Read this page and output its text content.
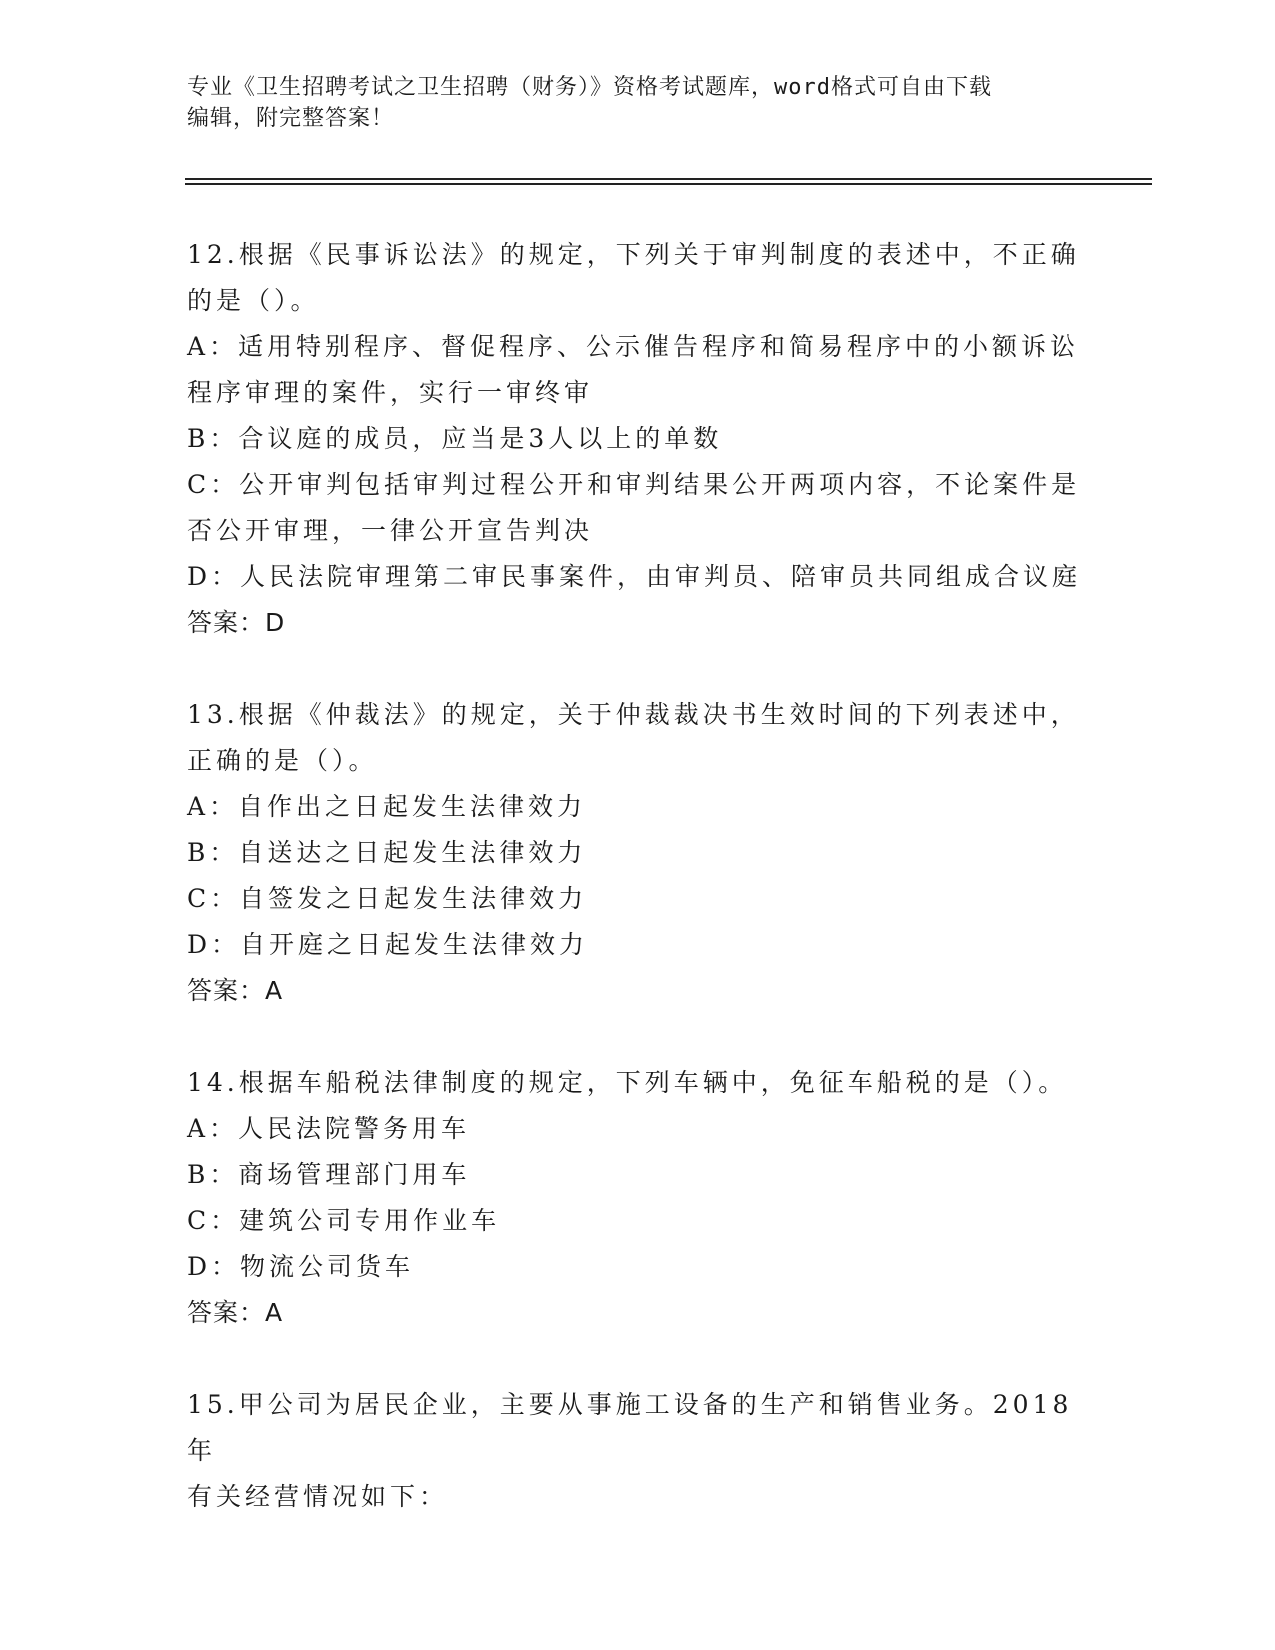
专业《卫生招聘考试之卫生招聘（财务）》资格考试题库，word格式可自由下载
编辑，附完整答案！

12.根据《民事诉讼法》的规定，下列关于审判制度的表述中，不正确

的是（）。

A：适用特别程序、督促程序、公示催告程序和简易程序中的小额诉讼

程序审理的案件，实行一审终审

B：合议庭的成员，应当是3人以上的单数

C：公开审判包括审判过程公开和审判结果公开两项内容，不论案件是

否公开审理，一律公开宣告判决

D：人民法院审理第二审民事案件，由审判员、陪审员共同组成合议庭

答案：D

13.根据《仲裁法》的规定，关于仲裁裁决书生效时间的下列表述中，

正确的是（）。

A：自作出之日起发生法律效力

B：自送达之日起发生法律效力

C：自签发之日起发生法律效力

D：自开庭之日起发生法律效力

答案：A

14.根据车船税法律制度的规定，下列车辆中，免征车船税的是（）。

A：人民法院警务用车

B：商场管理部门用车

C：建筑公司专用作业车

D：物流公司货车

答案：A

15.甲公司为居民企业，主要从事施工设备的生产和销售业务。2018年

有关经营情况如下：
